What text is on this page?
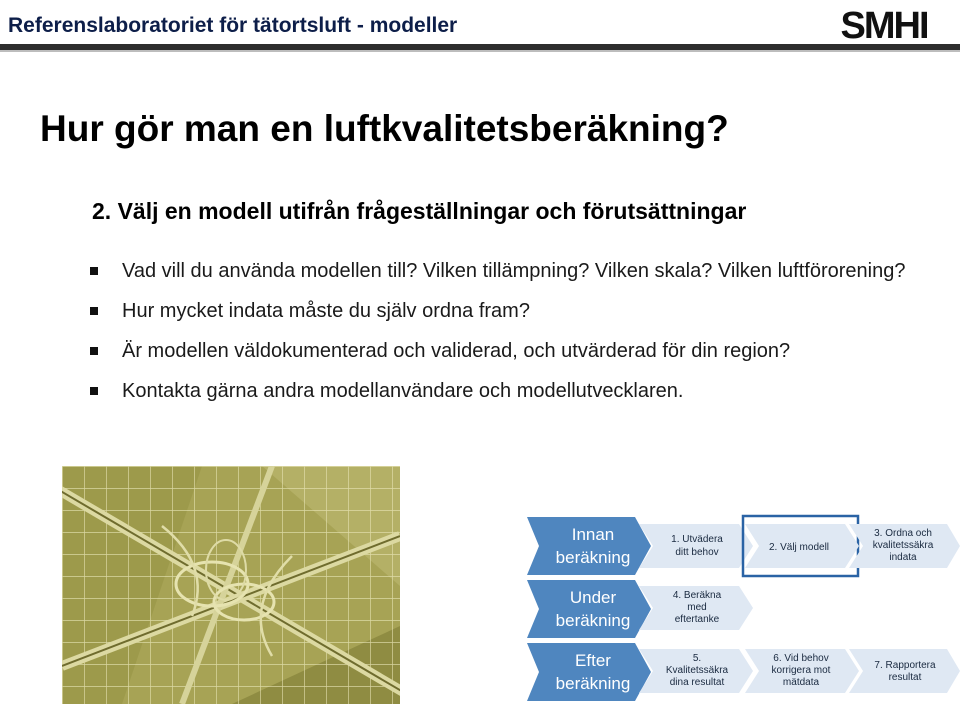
Referenslaboratoriet för tätortsluft - modeller	SMHI
Hur gör man en luftkvalitetsberäkning?
2. Välj en modell utifrån frågeställningar och förutsättningar
Vad vill du använda modellen till? Vilken tillämpning? Vilken skala? Vilken luftförorening?
Hur mycket indata måste du själv ordna fram?
Är modellen väldokumenterad och validerad, och utvärderad för din region?
Kontakta gärna andra modellanvändare och modellutvecklaren.
Innan
beräkning
Under
beräkning
Efter
beräkning
1. Utvädera
ditt behov	2. Välj modell
3. Ordna och
kvalitetssäkra
indata
4. Beräkna
med
eftertanke
5.
Kvalitetssäkra
dina resultat
6. Vid behov
korrigera mot
mätdata
7. Rapportera
resultat
